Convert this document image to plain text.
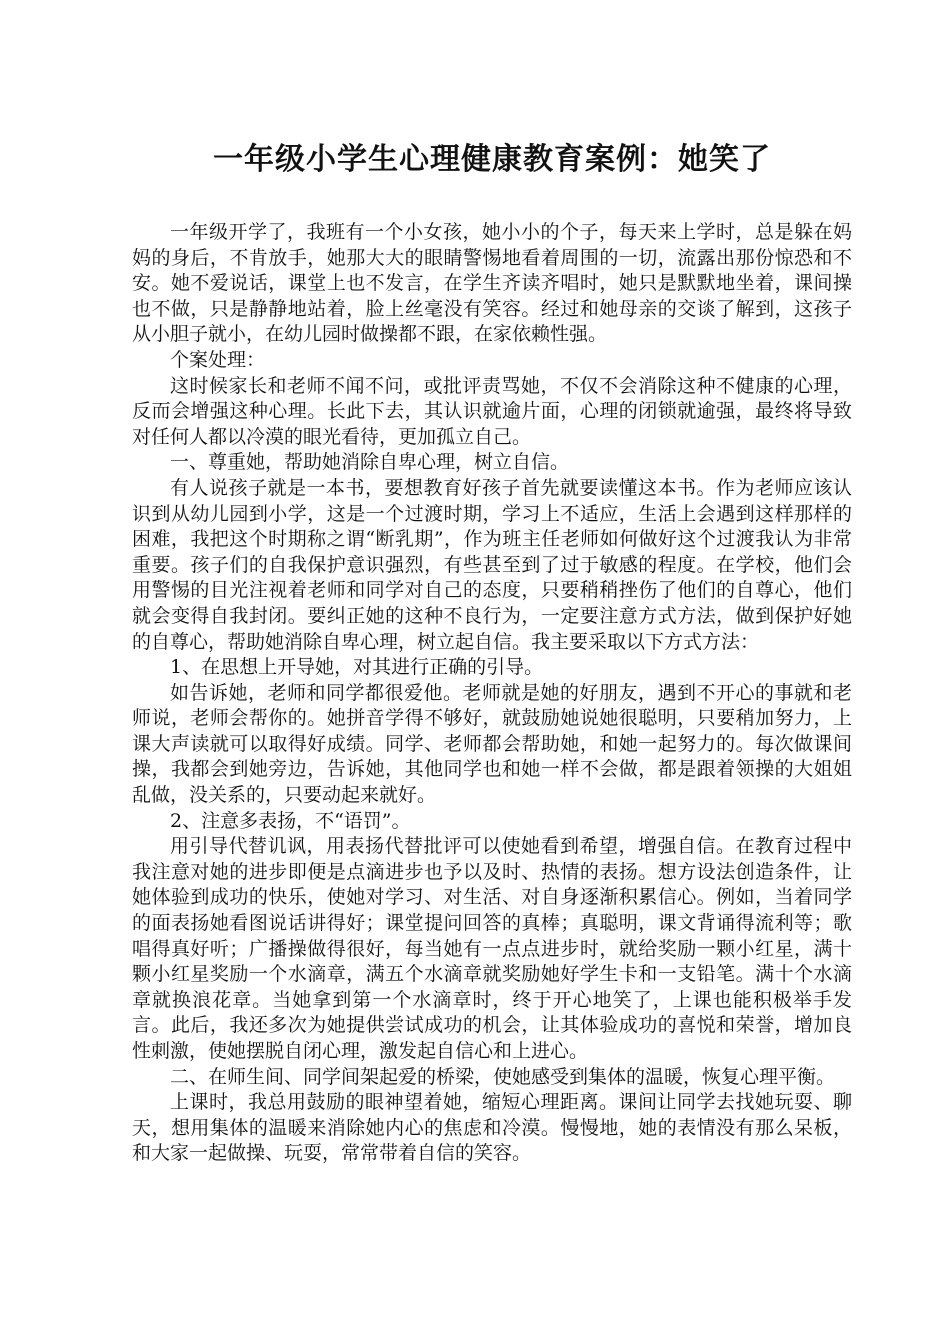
一年级小学生心理健康教育案例：她笑了

一年级开学了，我班有一个小女孩，她小小的个子，每天来上学时，总是躲在妈妈的身后，不肯放手，她那大大的眼睛警惕地看着周围的一切，流露出那份惊恐和不安。她不爱说话，课堂上也不发言，在学生齐读齐唱时，她只是默默地坐着，课间操也不做，只是静静地站着，脸上丝毫没有笑容。经过和她母亲的交谈了解到，这孩子从小胆子就小，在幼儿园时做操都不跟，在家依赖性强。

个案处理：

这时候家长和老师不闻不问，或批评责骂她，不仅不会消除这种不健康的心理，反而会增强这种心理。长此下去，其认识就逾片面，心理的闭锁就逾强，最终将导致对任何人都以冷漠的眼光看待，更加孤立自己。

一、尊重她，帮助她消除自卑心理，树立自信。

有人说孩子就是一本书，要想教育好孩子首先就要读懂这本书。作为老师应该认识到从幼儿园到小学，这是一个过渡时期，学习上不适应，生活上会遇到这样那样的困难，我把这个时期称之谓“断乳期”，作为班主任老师如何做好这个过渡我认为非常重要。孩子们的自我保护意识强烈，有些甚至到了过于敏感的程度。在学校，他们会用警惕的目光注视着老师和同学对自己的态度，只要稍稍挫伤了他们的自尊心，他们就会变得自我封闭。要纠正她的这种不良行为，一定要注意方式方法，做到保护好她的自尊心，帮助她消除自卑心理，树立起自信。我主要采取以下方式方法：

1、在思想上开导她，对其进行正确的引导。

如告诉她，老师和同学都很爱他。老师就是她的好朋友，遇到不开心的事就和老师说，老师会帮你的。她拼音学得不够好，就鼓励她说她很聪明，只要稍加努力，上课大声读就可以取得好成绩。同学、老师都会帮助她，和她一起努力的。每次做课间操，我都会到她旁边，告诉她，其他同学也和她一样不会做，都是跟着领操的大姐姐乱做，没关系的，只要动起来就好。

2、注意多表扬，不“语罚”。

用引导代替讥讽，用表扬代替批评可以使她看到希望，增强自信。在教育过程中我注意对她的进步即便是点滴进步也予以及时、热情的表扬。想方设法创造条件，让她体验到成功的快乐，使她对学习、对生活、对自身逐渐积累信心。例如，当着同学的面表扬她看图说话讲得好；课堂提问回答的真棒；真聪明，课文背诵得流利等；歌唱得真好听；广播操做得很好，每当她有一点点进步时，就给奖励一颗小红星，满十颗小红星奖励一个水滴章，满五个水滴章就奖励她好学生卡和一支铅笔。满十个水滴章就换浪花章。当她拿到第一个水滴章时，终于开心地笑了，上课也能积极举手发言。此后，我还多次为她提供尝试成功的机会，让其体验成功的喜悦和荣誉，增加良性刺激，使她摆脱自闭心理，激发起自信心和上进心。

二、在师生间、同学间架起爱的桥梁，使她感受到集体的温暖，恢复心理平衡。

上课时，我总用鼓励的眼神望着她，缩短心理距离。课间让同学去找她玩耍、聊天，想用集体的温暖来消除她内心的焦虑和冷漠。慢慢地，她的表情没有那么呆板，和大家一起做操、玩耍，常常带着自信的笑容。
